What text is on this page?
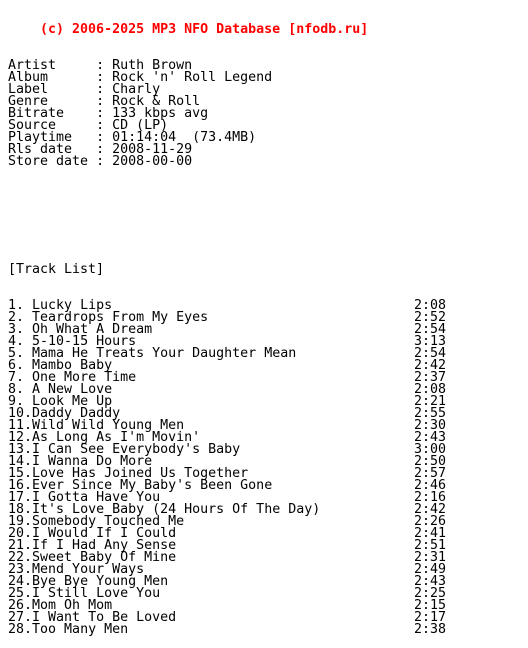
(c) 2006-2025 MP3 NFO Database [nfodb.ru]

Artist     : Ruth Brown
Album      : Rock 'n' Roll Legend
Label      : Charly
Genre      : Rock & Roll
Bitrate    : 133 kbps avg
Source     : CD (LP)
Playtime   : 01:14:04  (73.4MB)
Rls date   : 2008-11-29
Store date : 2008-00-00

[Track List]

1. Lucky Lips	2:08
2. Teardrops From My Eyes	2:52
3. Oh What A Dream	2:54
4. 5-10-15 Hours	3:13
5. Mama He Treats Your Daughter Mean	2:54
6. Mambo Baby	2:42
7. One More Time	2:37
8. A New Love	2:08
9. Look Me Up	2:21
10.Daddy Daddy	2:55
11.Wild Wild Young Men	2:30
12.As Long As I'm Movin'	2:43
13.I Can See Everybody's Baby	3:00
14.I Wanna Do More	2:50
15.Love Has Joined Us Together	2:57
16.Ever Since My Baby's Been Gone	2:46
17.I Gotta Have You	2:16
18.It's Love Baby (24 Hours Of The Day)	2:42
19.Somebody Touched Me	2:26
20.I Would If I Could	2:41
21.If I Had Any Sense	2:51
22.Sweet Baby Of Mine	2:31
23.Mend Your Ways	2:49
24.Bye Bye Young Men	2:43
25.I Still Love You	2:25
26.Mom Oh Mom	2:15
27.I Want To Be Loved	2:17
28.Too Many Men	2:38
